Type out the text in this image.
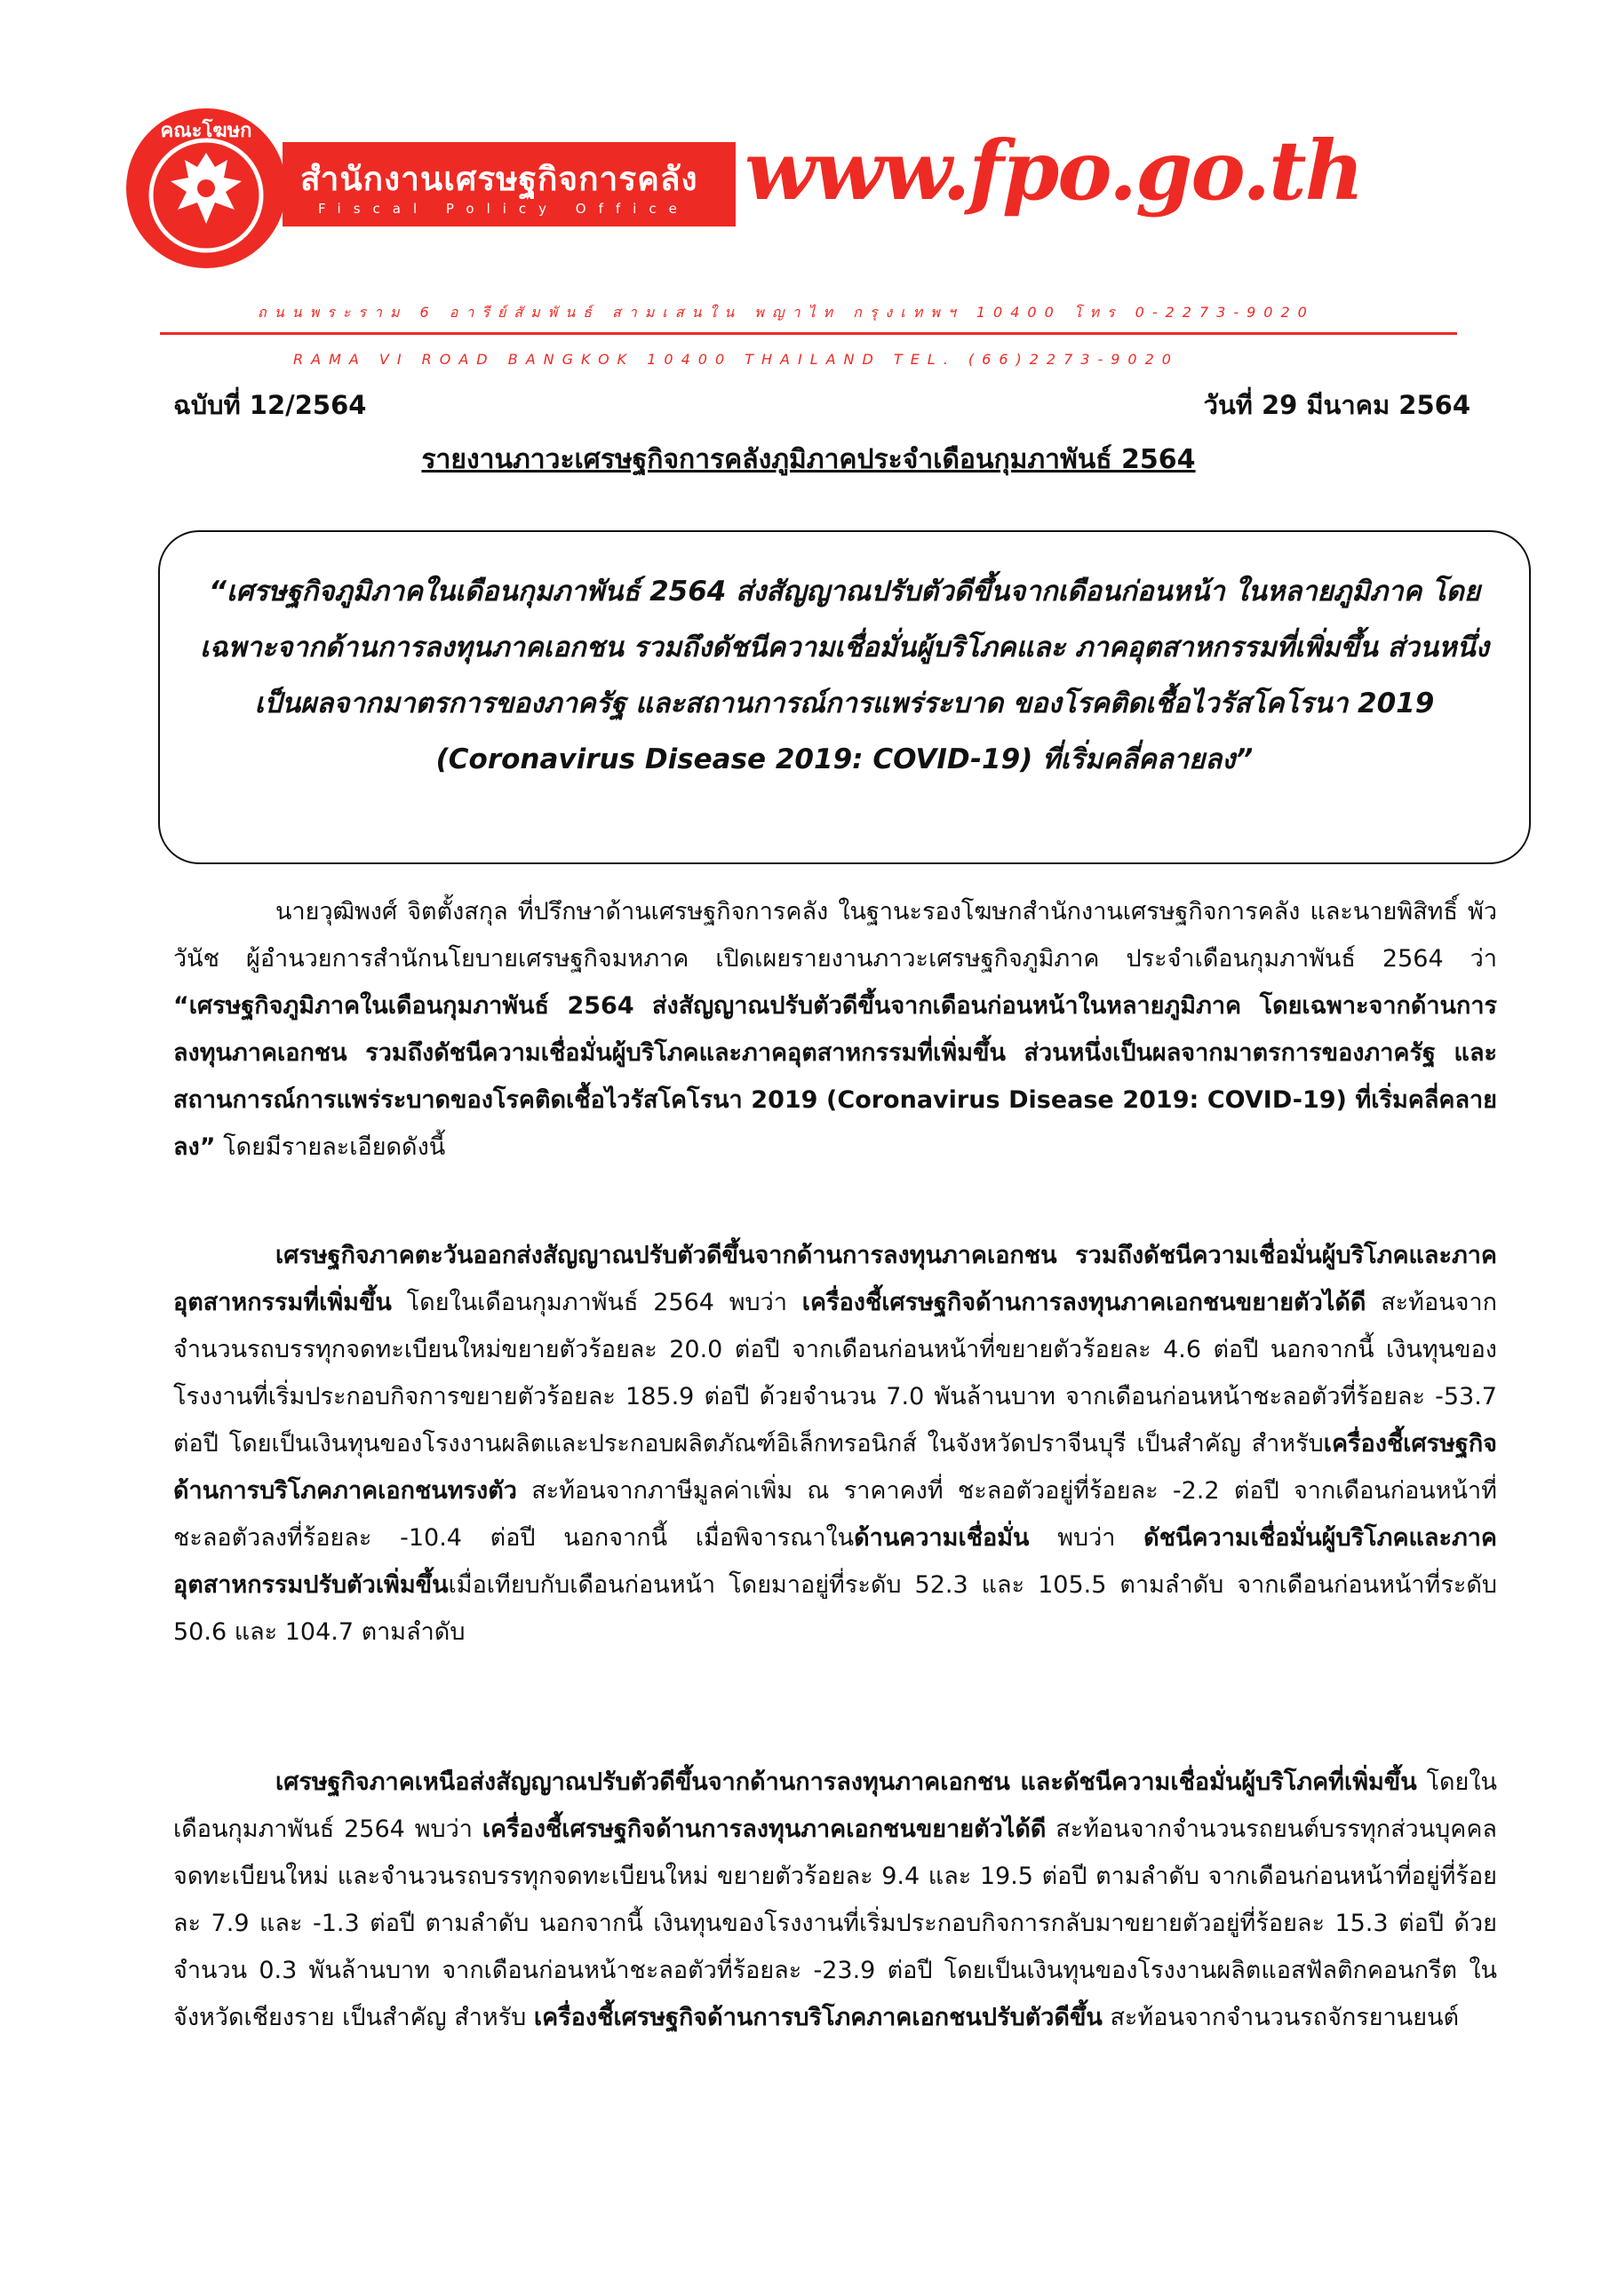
คณะโฆษก
สำนักงานเศรษฐกิจการคลัง
Fiscal Policy Office www.fpo.go.th
ถนนพระราม 6 อารีย์สัมพันธ์ สามเสนใน พญาไท กรุงเทพฯ 10400 โทร 0-2273-9020
RAMA VI ROAD BANGKOK 10400 THAILAND TEL. (66)2273-9020
ฉบับที่ 12/2564	วันที่ 29 มีนาคม 2564
รายงานภาวะเศรษฐกิจการคลังภูมิภาคประจำเดือนกุมภาพันธ์ 2564
“เศรษฐกิจภูมิภาคในเดือนกุมภาพันธ์ 2564 ส่งสัญญาณปรับตัวดีขึ้นจากเดือนก่อนหน้า ในหลายภูมิภาค โดยเฉพาะจากด้านการลงทุนภาคเอกชน รวมถึงดัชนีความเชื่อมั่นผู้บริโภคและ ภาคอุตสาหกรรมที่เพิ่มขึ้น ส่วนหนึ่งเป็นผลจากมาตรการของภาครัฐ และสถานการณ์การแพร่ระบาด ของโรคติดเชื้อไวรัสโคโรนา 2019 (Coronavirus Disease 2019: COVID-19) ที่เริ่มคลี่คลายลง”
นายวุฒิพงศ์ จิตตั้งสกุล ที่ปรึกษาด้านเศรษฐกิจการคลัง ในฐานะรองโฆษกสำนักงานเศรษฐกิจการคลัง และนายพิสิทธิ์ พัววันัช ผู้อำนวยการสำนักนโยบายเศรษฐกิจมหภาค เปิดเผยรายงานภาวะเศรษฐกิจภูมิภาค ประจำเดือนกุมภาพันธ์ 2564 ว่า “เศรษฐกิจภูมิภาคในเดือนกุมภาพันธ์ 2564 ส่งสัญญาณปรับตัวดีขึ้นจากเดือนก่อนหน้าในหลายภูมิภาค โดยเฉพาะจากด้านการลงทุนภาคเอกชน รวมถึงดัชนีความเชื่อมั่นผู้บริโภคและภาคอุตสาหกรรมที่เพิ่มขึ้น ส่วนหนึ่งเป็นผลจากมาตรการของภาครัฐ และสถานการณ์การแพร่ระบาดของโรคติดเชื้อไวรัสโคโรนา 2019 (Coronavirus Disease 2019: COVID-19) ที่เริ่มคลี่คลายลง” โดยมีรายละเอียดดังนี้
เศรษฐกิจภาคตะวันออกส่งสัญญาณปรับตัวดีขึ้นจากด้านการลงทุนภาคเอกชน รวมถึงดัชนีความเชื่อมั่นผู้บริโภคและภาคอุตสาหกรรมที่เพิ่มขึ้น โดยในเดือนกุมภาพันธ์ 2564 พบว่า เครื่องชี้เศรษฐกิจด้านการลงทุนภาคเอกชนขยายตัวได้ดี สะท้อนจากจำนวนรถบรรทุกจดทะเบียนใหม่ขยายตัวร้อยละ 20.0 ต่อปี จากเดือนก่อนหน้าที่ขยายตัวร้อยละ 4.6 ต่อปี นอกจากนี้ เงินทุนของโรงงานที่เริ่มประกอบกิจการขยายตัวร้อยละ 185.9 ต่อปี ด้วยจำนวน 7.0 พันล้านบาท จากเดือนก่อนหน้าชะลอตัวที่ร้อยละ -53.7 ต่อปี โดยเป็นเงินทุนของโรงงานผลิตและประกอบผลิตภัณฑ์อิเล็กทรอนิกส์ ในจังหวัดปราจีนบุรี เป็นสำคัญ สำหรับเครื่องชี้เศรษฐกิจด้านการบริโภคภาคเอกชนทรงตัว สะท้อนจากภาษีมูลค่าเพิ่ม ณ ราคาคงที่ ชะลอตัวอยู่ที่ร้อยละ -2.2 ต่อปี จากเดือนก่อนหน้าที่ชะลอตัวลงที่ร้อยละ -10.4 ต่อปี นอกจากนี้ เมื่อพิจารณาในด้านความเชื่อมั่น พบว่า ดัชนีความเชื่อมั่นผู้บริโภคและภาคอุตสาหกรรมปรับตัวเพิ่มขึ้นเมื่อเทียบกับเดือนก่อนหน้า โดยมาอยู่ที่ระดับ 52.3 และ 105.5 ตามลำดับ จากเดือนก่อนหน้าที่ระดับ 50.6 และ 104.7 ตามลำดับ
เศรษฐกิจภาคเหนือส่งสัญญาณปรับตัวดีขึ้นจากด้านการลงทุนภาคเอกชน และดัชนีความเชื่อมั่นผู้บริโภคที่เพิ่มขึ้น โดยในเดือนกุมภาพันธ์ 2564 พบว่า เครื่องชี้เศรษฐกิจด้านการลงทุนภาคเอกชนขยายตัวได้ดี สะท้อนจากจำนวนรถยนต์บรรทุกส่วนบุคคลจดทะเบียนใหม่ และจำนวนรถบรรทุกจดทะเบียนใหม่ ขยายตัวร้อยละ 9.4 และ 19.5 ต่อปี ตามลำดับ จากเดือนก่อนหน้าที่อยู่ที่ร้อยละ 7.9 และ -1.3 ต่อปี ตามลำดับ นอกจากนี้ เงินทุนของโรงงานที่เริ่มประกอบกิจการกลับมาขยายตัวอยู่ที่ร้อยละ 15.3 ต่อปี ด้วยจำนวน 0.3 พันล้านบาท จากเดือนก่อนหน้าชะลอตัวที่ร้อยละ -23.9 ต่อปี โดยเป็นเงินทุนของโรงงานผลิตแอสฟัลติกคอนกรีต ในจังหวัดเชียงราย เป็นสำคัญ สำหรับ เครื่องชี้เศรษฐกิจด้านการบริโภคภาคเอกชนปรับตัวดีขึ้น สะท้อนจากจำนวนรถจักรยานยนต์
